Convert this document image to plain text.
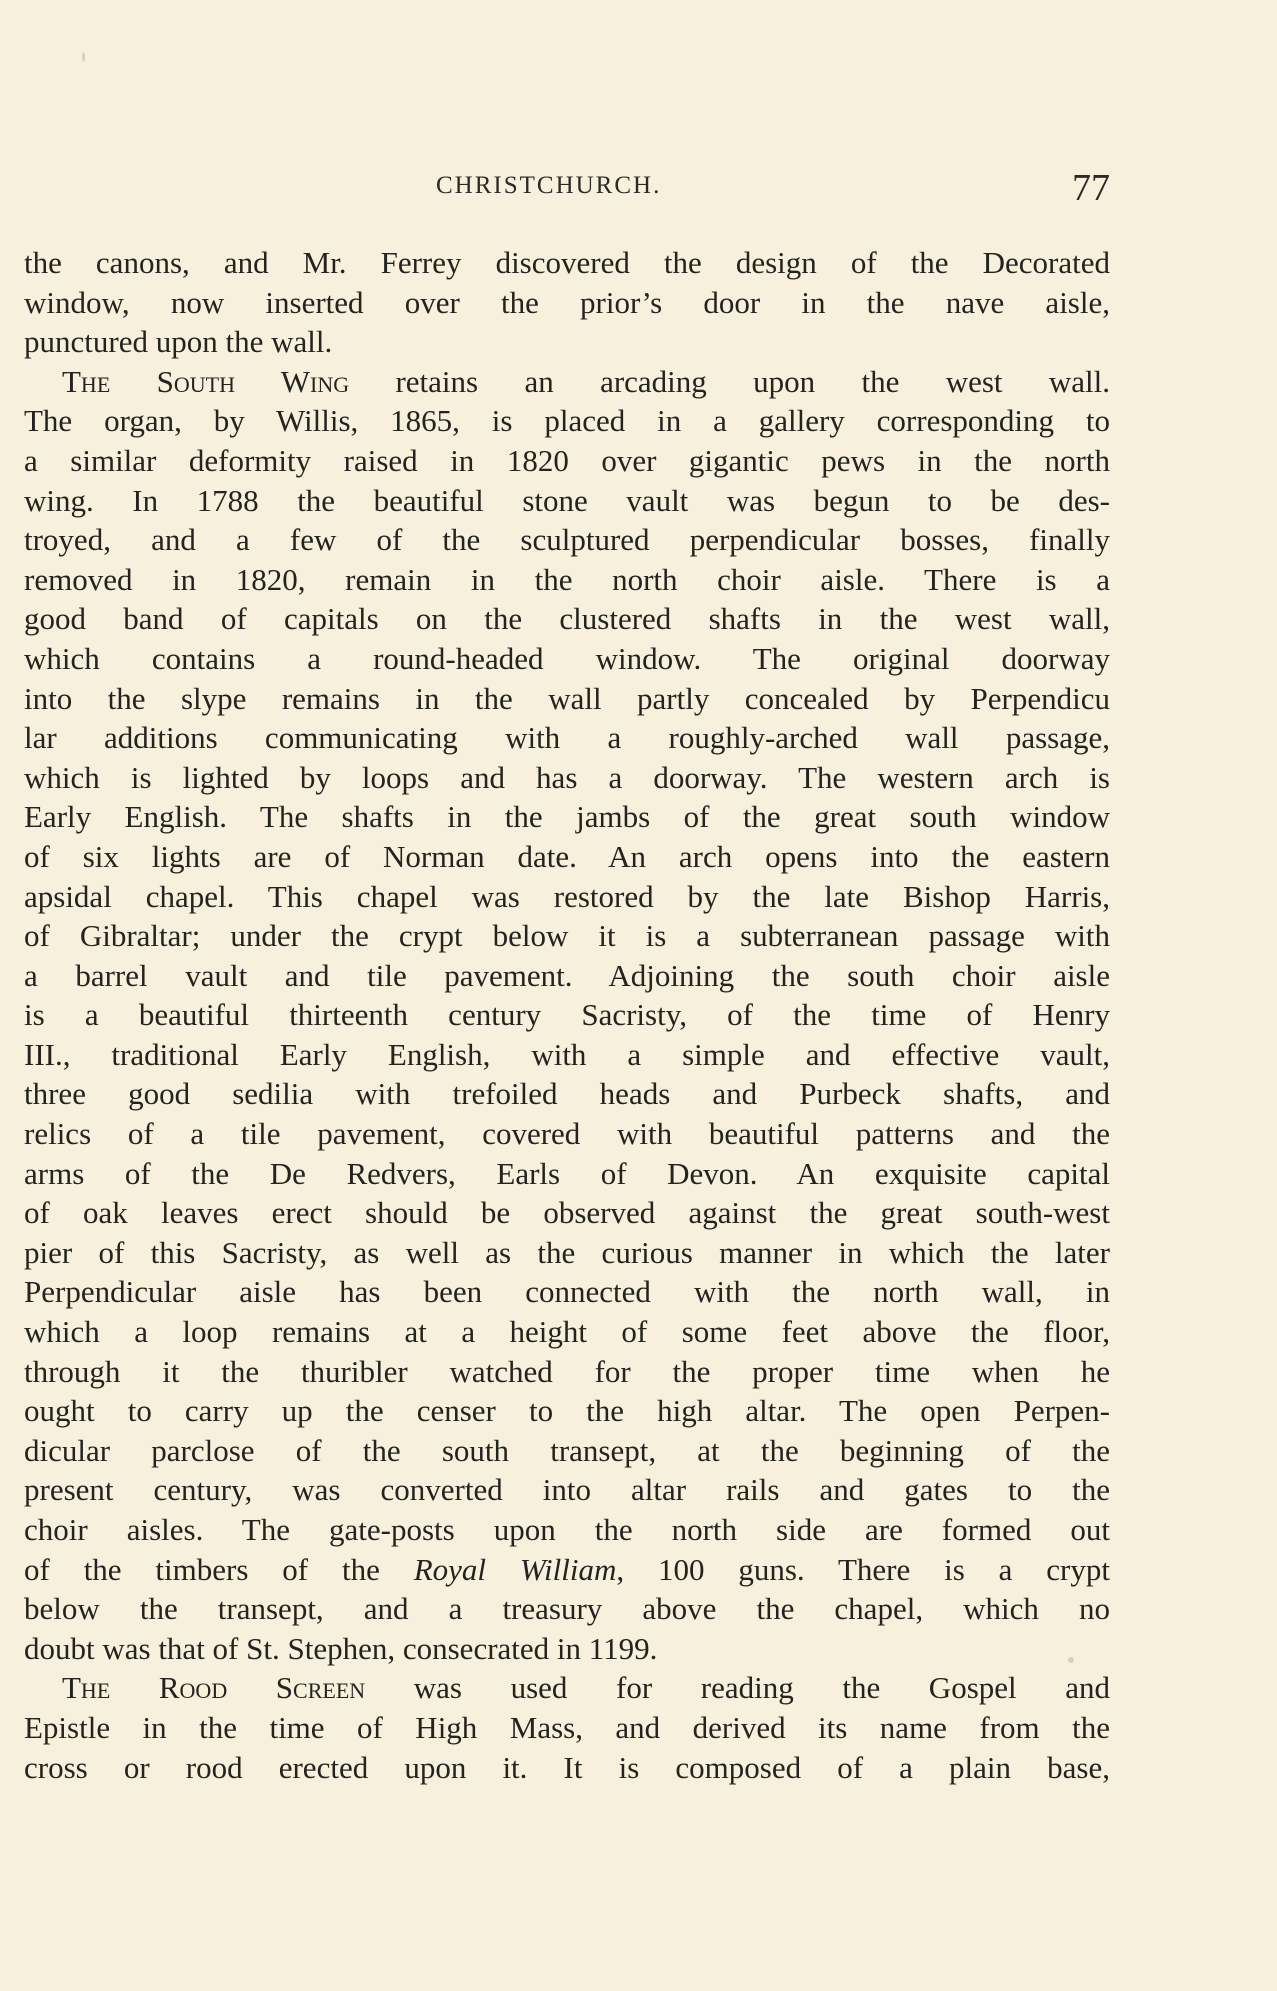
CHRISTCHURCH.	77
the canons, and Mr. Ferrey discovered the design of the Decorated
window, now inserted over the prior’s door in the nave aisle,
punctured upon the wall.
The South Wing retains an arcading upon the west wall.
The organ, by Willis, 1865, is placed in a gallery corresponding to
a similar deformity raised in 1820 over gigantic pews in the north
wing. In 1788 the beautiful stone vault was begun to be des-
troyed, and a few of the sculptured perpendicular bosses, finally
removed in 1820, remain in the north choir aisle. There is a
good band of capitals on the clustered shafts in the west wall,
which contains a round-headed window. The original doorway
into the slype remains in the wall partly concealed by Perpendicu
lar additions communicating with a roughly-arched wall passage,
which is lighted by loops and has a doorway. The western arch is
Early English. The shafts in the jambs of the great south window
of six lights are of Norman date. An arch opens into the eastern
apsidal chapel. This chapel was restored by the late Bishop Harris,
of Gibraltar; under the crypt below it is a subterranean passage with
a barrel vault and tile pavement. Adjoining the south choir aisle
is a beautiful thirteenth century Sacristy, of the time of Henry
III., traditional Early English, with a simple and effective vault,
three good sedilia with trefoiled heads and Purbeck shafts, and
relics of a tile pavement, covered with beautiful patterns and the
arms of the De Redvers, Earls of Devon. An exquisite capital
of oak leaves erect should be observed against the great south-west
pier of this Sacristy, as well as the curious manner in which the later
Perpendicular aisle has been connected with the north wall, in
which a loop remains at a height of some feet above the floor,
through it the thuribler watched for the proper time when he
ought to carry up the censer to the high altar. The open Perpen-
dicular parclose of the south transept, at the beginning of the
present century, was converted into altar rails and gates to the
choir aisles. The gate-posts upon the north side are formed out
of the timbers of the Royal William, 100 guns. There is a crypt
below the transept, and a treasury above the chapel, which no
doubt was that of St. Stephen, consecrated in 1199.
The Rood Screen was used for reading the Gospel and
Epistle in the time of High Mass, and derived its name from the
cross or rood erected upon it. It is composed of a plain base,
